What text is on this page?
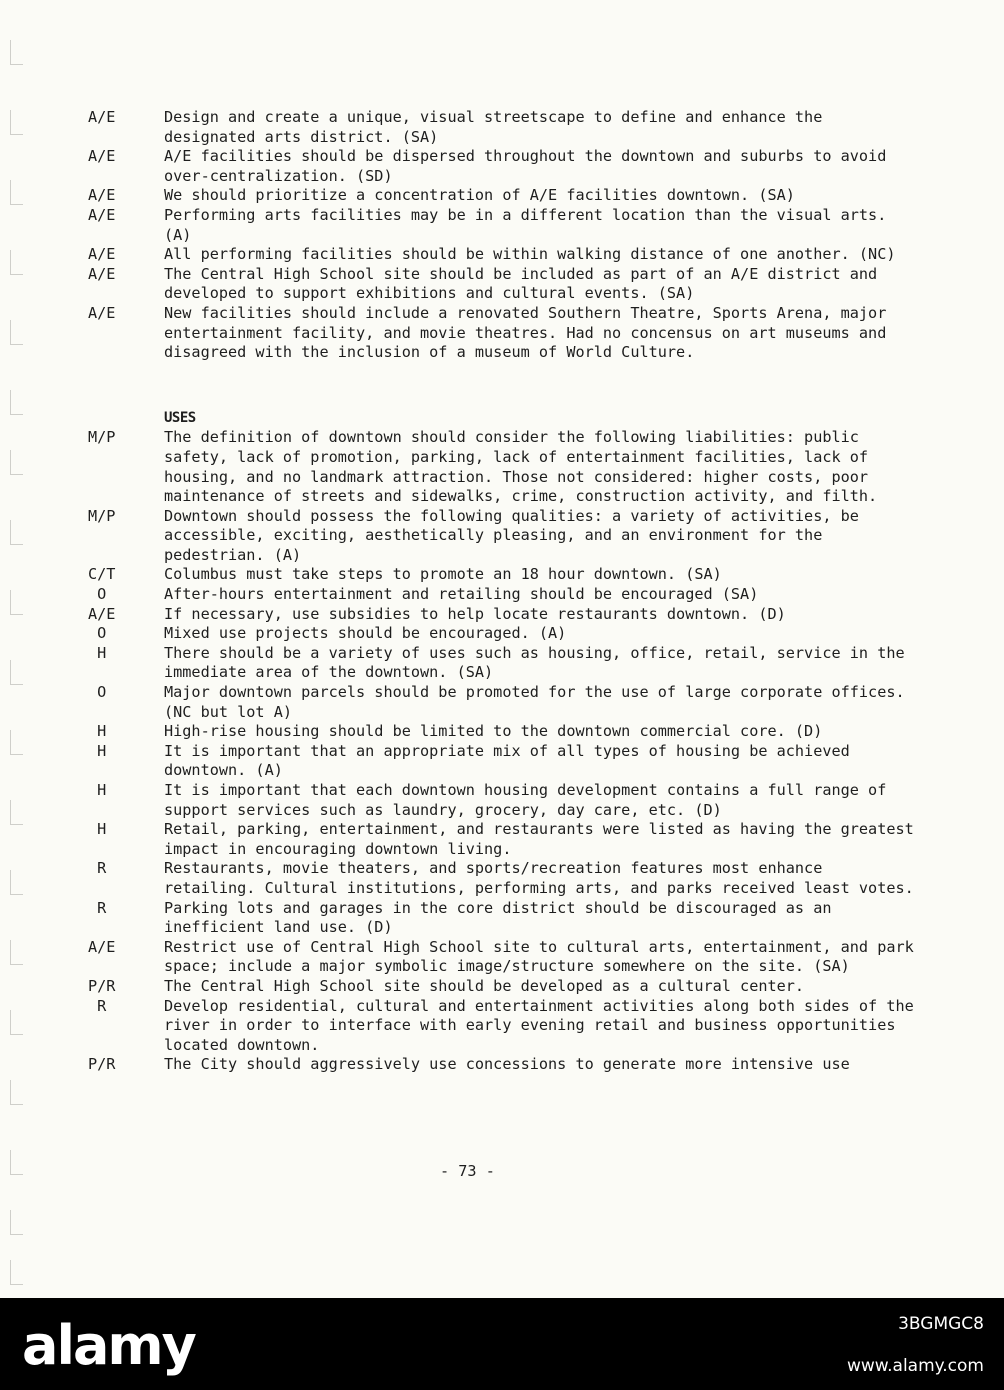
A/E	Design and create a unique, visual streetscape to define and enhance the designated arts district. (SA)
A/E	A/E facilities should be dispersed throughout the downtown and suburbs to avoid over-centralization. (SD)
A/E	We should prioritize a concentration of A/E facilities downtown. (SA)
A/E	Performing arts facilities may be in a different location than the visual arts. (A)
A/E	All performing facilities should be within walking distance of one another. (NC)
A/E	The Central High School site should be included as part of an A/E district and developed to support exhibitions and cultural events. (SA)
A/E	New facilities should include a renovated Southern Theatre, Sports Arena, major entertainment facility, and movie theatres. Had no concensus on art museums and disagreed with the inclusion of a museum of World Culture.
USES
M/P	The definition of downtown should consider the following liabilities: public safety, lack of promotion, parking, lack of entertainment facilities, lack of housing, and no landmark attraction. Those not considered: higher costs, poor maintenance of streets and sidewalks, crime, construction activity, and filth.
M/P	Downtown should possess the following qualities: a variety of activities, be accessible, exciting, aesthetically pleasing, and an environment for the pedestrian. (A)
C/T	Columbus must take steps to promote an 18 hour downtown. (SA)
O	After-hours entertainment and retailing should be encouraged (SA)
A/E	If necessary, use subsidies to help locate restaurants downtown. (D)
O	Mixed use projects should be encouraged. (A)
H	There should be a variety of uses such as housing, office, retail, service in the immediate area of the downtown. (SA)
O	Major downtown parcels should be promoted for the use of large corporate offices. (NC but lot A)
H	High-rise housing should be limited to the downtown commercial core. (D)
H	It is important that an appropriate mix of all types of housing be achieved downtown. (A)
H	It is important that each downtown housing development contains a full range of support services such as laundry, grocery, day care, etc. (D)
H	Retail, parking, entertainment, and restaurants were listed as having the greatest impact in encouraging downtown living.
R	Restaurants, movie theaters, and sports/recreation features most enhance retailing. Cultural institutions, performing arts, and parks received least votes.
R	Parking lots and garages in the core district should be discouraged as an inefficient land use. (D)
A/E	Restrict use of Central High School site to cultural arts, entertainment, and park space; include a major symbolic image/structure somewhere on the site. (SA)
P/R	The Central High School site should be developed as a cultural center.
R	Develop residential, cultural and entertainment activities along both sides of the river in order to interface with early evening retail and business opportunities located downtown.
P/R	The City should aggressively use concessions to generate more intensive use
- 73 -
alamy	3BGMGC8
www.alamy.com
